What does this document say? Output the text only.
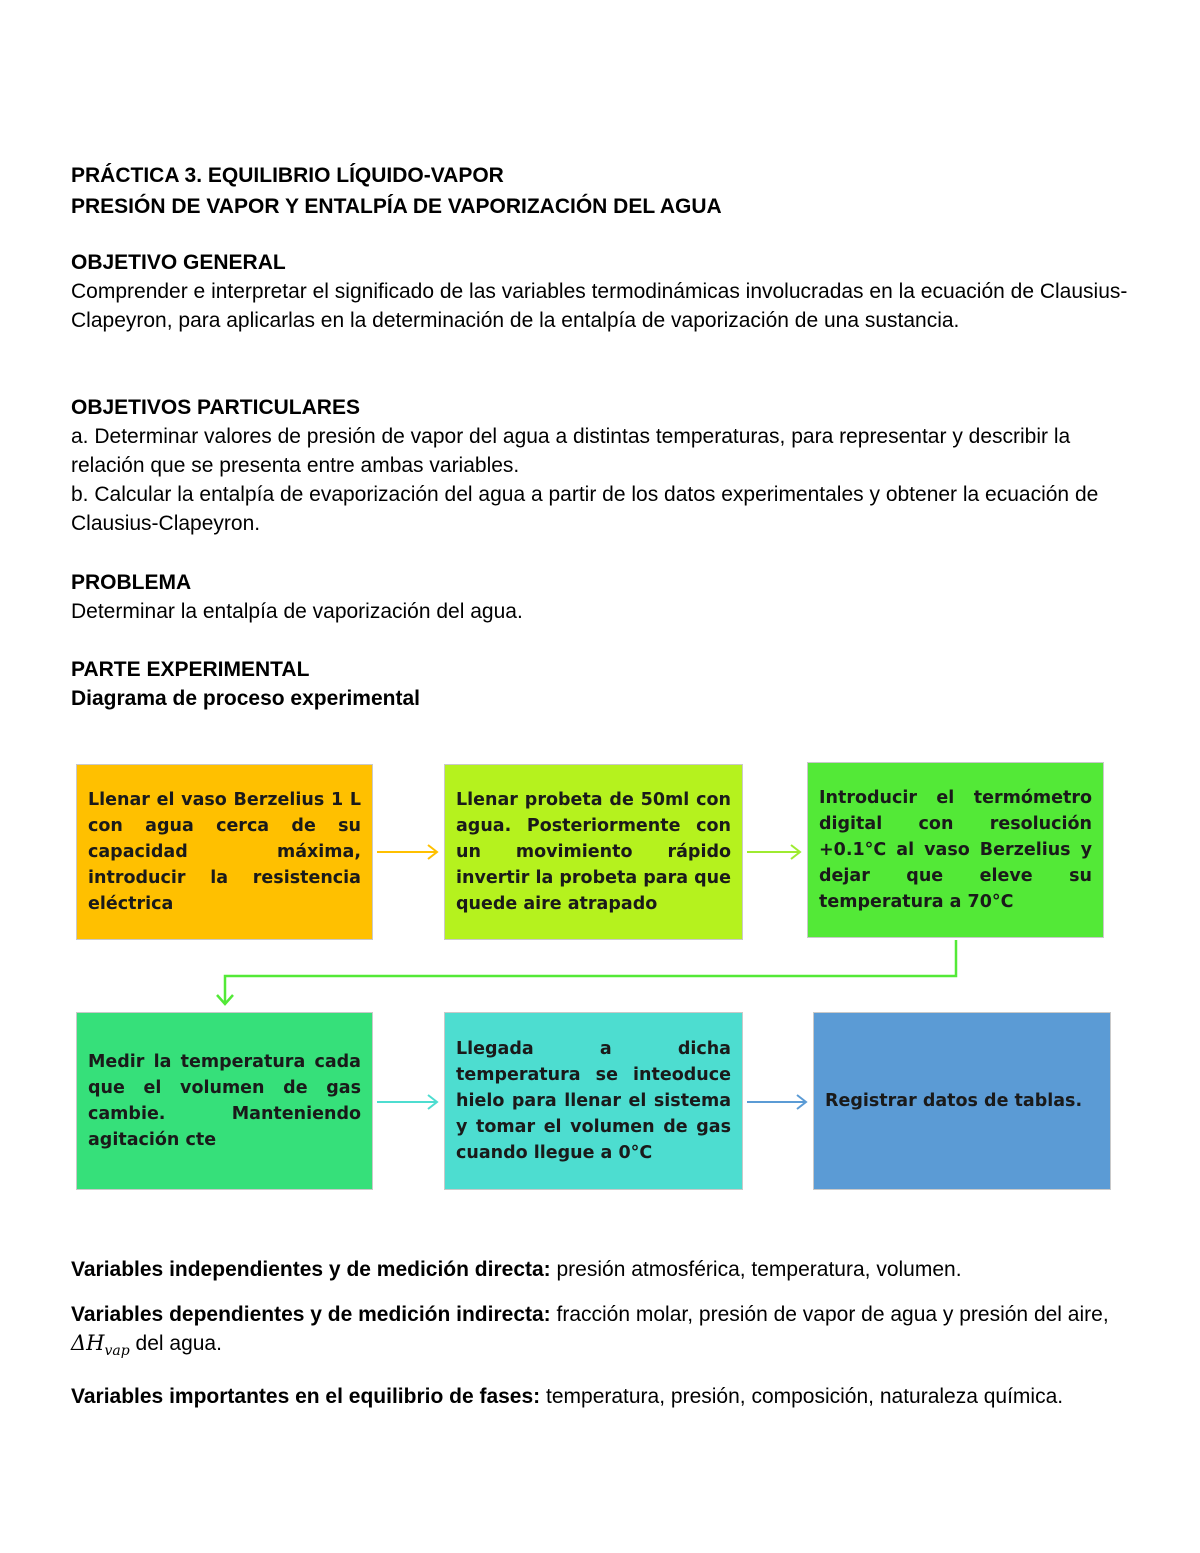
PRÁCTICA 3. EQUILIBRIO LÍQUIDO-VAPOR
PRESIÓN DE VAPOR Y ENTALPÍA DE VAPORIZACIÓN DEL AGUA
OBJETIVO GENERAL
Comprender e interpretar el significado de las variables termodinámicas involucradas en la ecuación de Clausius-Clapeyron, para aplicarlas en la determinación de la entalpía de vaporización de una sustancia.
OBJETIVOS PARTICULARES
a. Determinar valores de presión de vapor del agua a distintas temperaturas, para representar y describir la relación que se presenta entre ambas variables.
b. Calcular la entalpía de evaporización del agua a partir de los datos experimentales y obtener la ecuación de Clausius-Clapeyron.
PROBLEMA
Determinar la entalpía de vaporización del agua.
PARTE EXPERIMENTAL
Diagrama de proceso experimental
Llenar el vaso Berzelius 1 L con agua cerca de su capacidad máxima, introducir la resistencia eléctrica
Llenar probeta de 50ml con agua. Posteriormente con un movimiento rápido invertir la probeta para que quede aire atrapado
Introducir el termómetro digital con resolución +0.1°C al vaso Berzelius y dejar que eleve su temperatura a 70°C
Medir la temperatura cada que el volumen de gas cambie. Manteniendo agitación cte
Llegada a dicha temperatura se inteoduce hielo para llenar el sistema y tomar el volumen de gas cuando llegue a 0°C
Registrar datos de tablas.

Variables independientes y de medición directa: presión atmosférica, temperatura, volumen.

Variables dependientes y de medición indirecta: fracción molar, presión de vapor de agua y presión del aire, $\Delta H_{vap}$ del agua.

Variables importantes en el equilibrio de fases: temperatura, presión, composición, naturaleza química.
